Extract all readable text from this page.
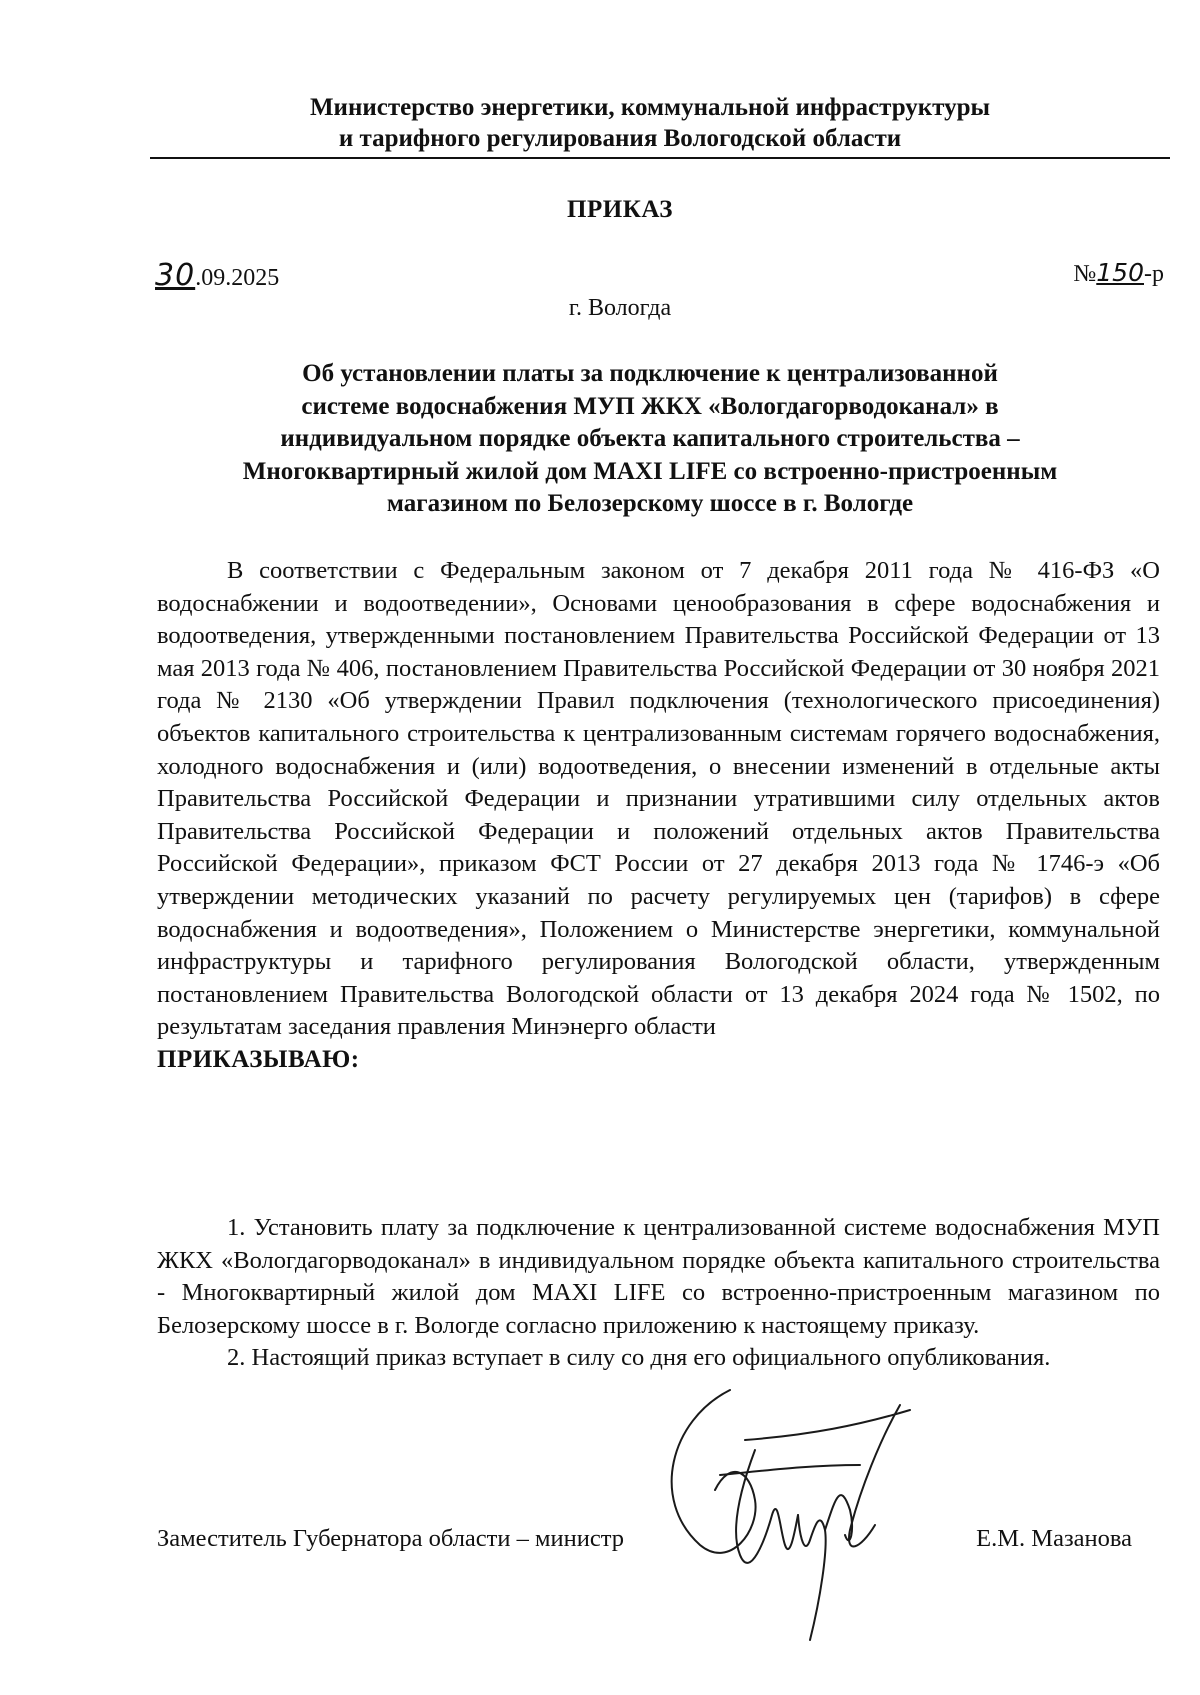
Министерство энергетики, коммунальной инфраструктуры
и тарифного регулирования Вологодской области
ПРИКАЗ
30.09.2025	№150-р
г. Вологда
Об установлении платы за подключение к централизованной
системе водоснабжения МУП ЖКХ «Вологдагорводоканал» в
индивидуальном порядке объекта капитального строительства –
Многоквартирный жилой дом MAXI LIFE со встроенно-пристроенным
магазином по Белозерскому шоссе в г. Вологде

В соответствии с Федеральным законом от 7 декабря 2011 года № 416-ФЗ «О водоснабжении и водоотведении», Основами ценообразования в сфере водоснабжения и водоотведения, утвержденными постановлением Правительства Российской Федерации от 13 мая 2013 года № 406, постановлением Правительства Российской Федерации от 30 ноября 2021 года № 2130 «Об утверждении Правил подключения (технологического присоединения) объектов капитального строительства к централизованным системам горячего водоснабжения, холодного водоснабжения и (или) водоотведения, о внесении изменений в отдельные акты Правительства Российской Федерации и признании утратившими силу отдельных актов Правительства Российской Федерации и положений отдельных актов Правительства Российской Федерации», приказом ФСТ России от 27 декабря 2013 года № 1746-э «Об утверждении методических указаний по расчету регулируемых цен (тарифов) в сфере водоснабжения и водоотведения», Положением о Министерстве энергетики, коммунальной инфраструктуры и тарифного регулирования Вологодской области, утвержденным постановлением Правительства Вологодской области от 13 декабря 2024 года № 1502, по результатам заседания правления Минэнерго области

ПРИКАЗЫВАЮ:

1. Установить плату за подключение к централизованной системе водоснабжения МУП ЖКХ «Вологдагорводоканал» в индивидуальном порядке объекта капитального строительства - Многоквартирный жилой дом MAXI LIFE со встроенно-пристроенным магазином по Белозерскому шоссе в г. Вологде согласно приложению к настоящему приказу.

2. Настоящий приказ вступает в силу со дня его официального опубликования.

Заместитель Губернатора области – министр	Е.М. Мазанова
